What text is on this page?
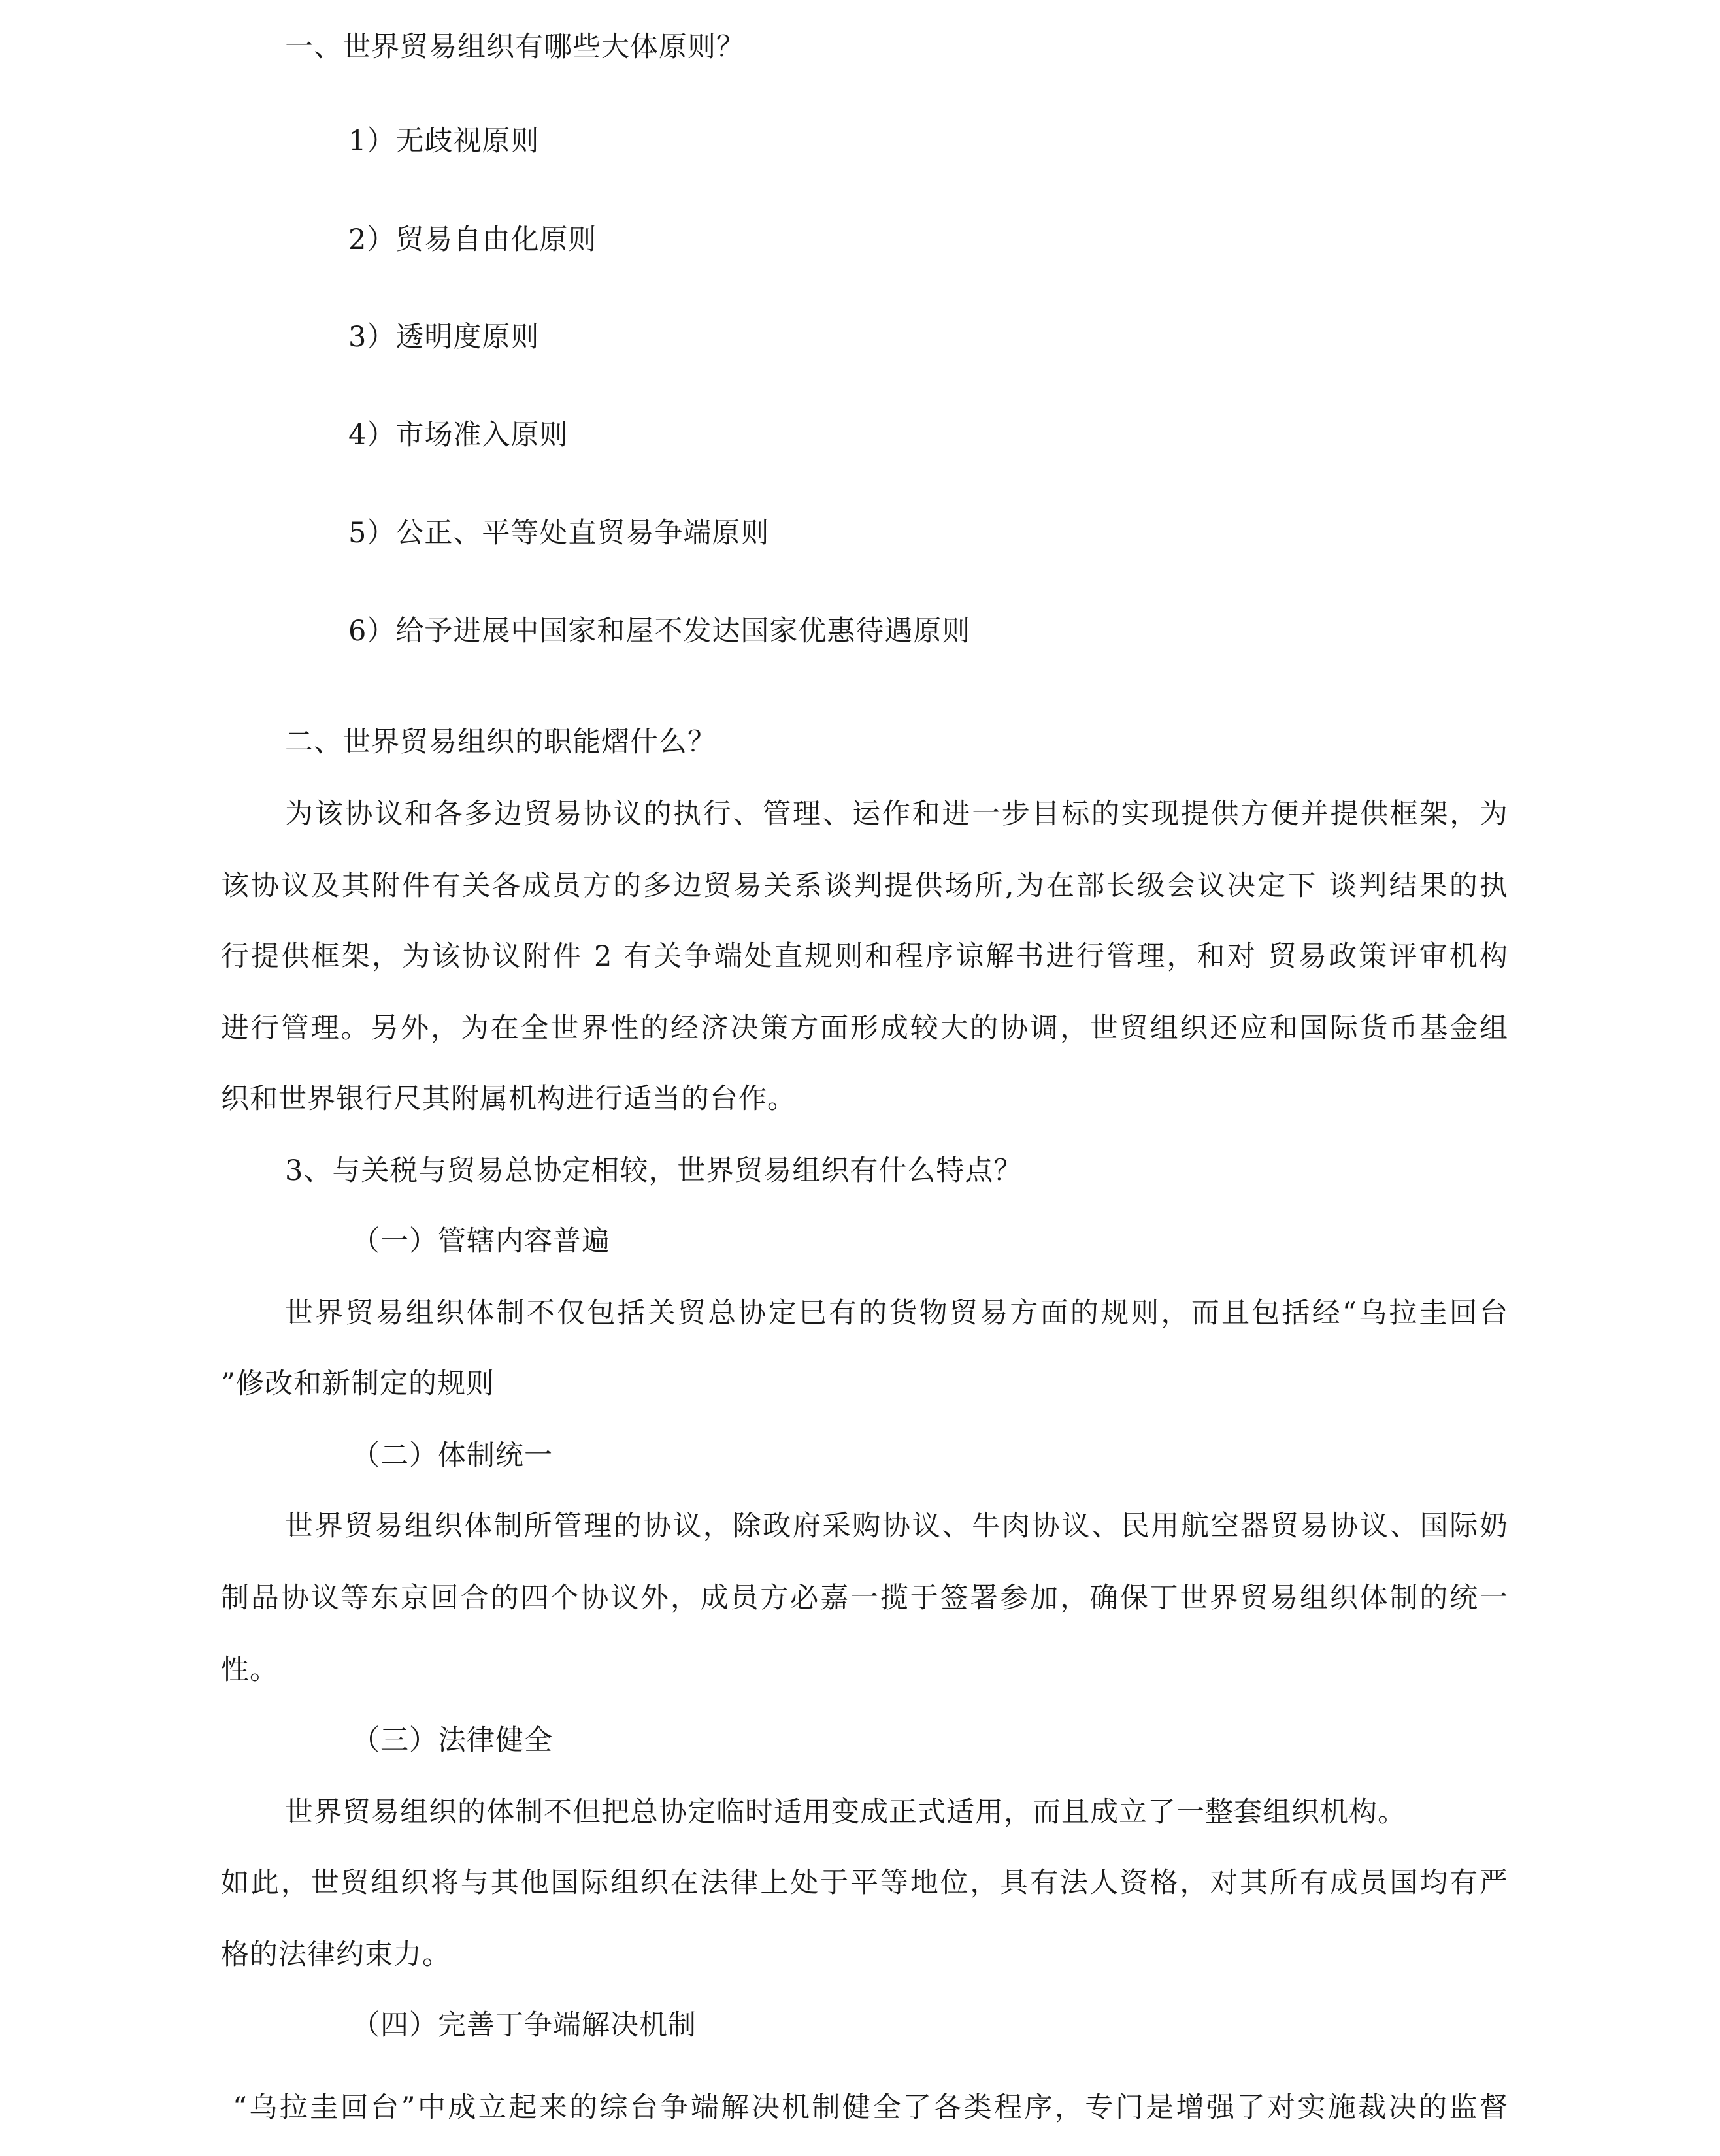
一、世界贸易组织有哪些大体原则？
1）无歧视原则
2）贸易自由化原则
3）透明度原则
4）市场准入原则
5）公正、平等处直贸易争端原则
6）给予进展中国家和屋不发达国家优惠待遇原则
二、世界贸易组织的职能熠什么？
为该协议和各多边贸易协议的执行、管理、运作和进一步目标的实现提供方便并提供框架，为
该协议及其附件有关各成员方的多边贸易关系谈判提供场所,为在部长级会议决定下 谈判结果的执
行提供框架，为该协议附件 2 有关争端处直规则和程序谅解书进行管理，和对 贸易政策评审机构
进行管理。另外，为在全世界性的经济决策方面形成较大的协调，世贸组织还应和国际货币基金组
织和世界银行尺其附属机构进行适当的台作。
3、与关税与贸易总协定相较，世界贸易组织有什么特点？
（一）管辖内容普遍
世界贸易组织体制不仅包括关贸总协定巳有的货物贸易方面的规则，而且包括经“乌拉圭回台
”修改和新制定的规则
（二）体制统一
世界贸易组织体制所管理的协议，除政府采购协议、牛肉协议、民用航空器贸易协议、国际奶
制品协议等东京回合的四个协议外，成员方必嘉一揽于签署参加，确保丁世界贸易组织体制的统一
性。
（三）法律健全
世界贸易组织的体制不但把总协定临时适用变成正式适用，而且成立了一整套组织机构。
如此，世贸组织将与其他国际组织在法律上处于平等地位，具有法人资格，对其所有成员国均有严
格的法律约束力。
（四）完善丁争端解决机制
“乌拉圭回台”中成立起来的综台争端解决机制健全了各类程序，专门是增强了对实施裁决的监督
